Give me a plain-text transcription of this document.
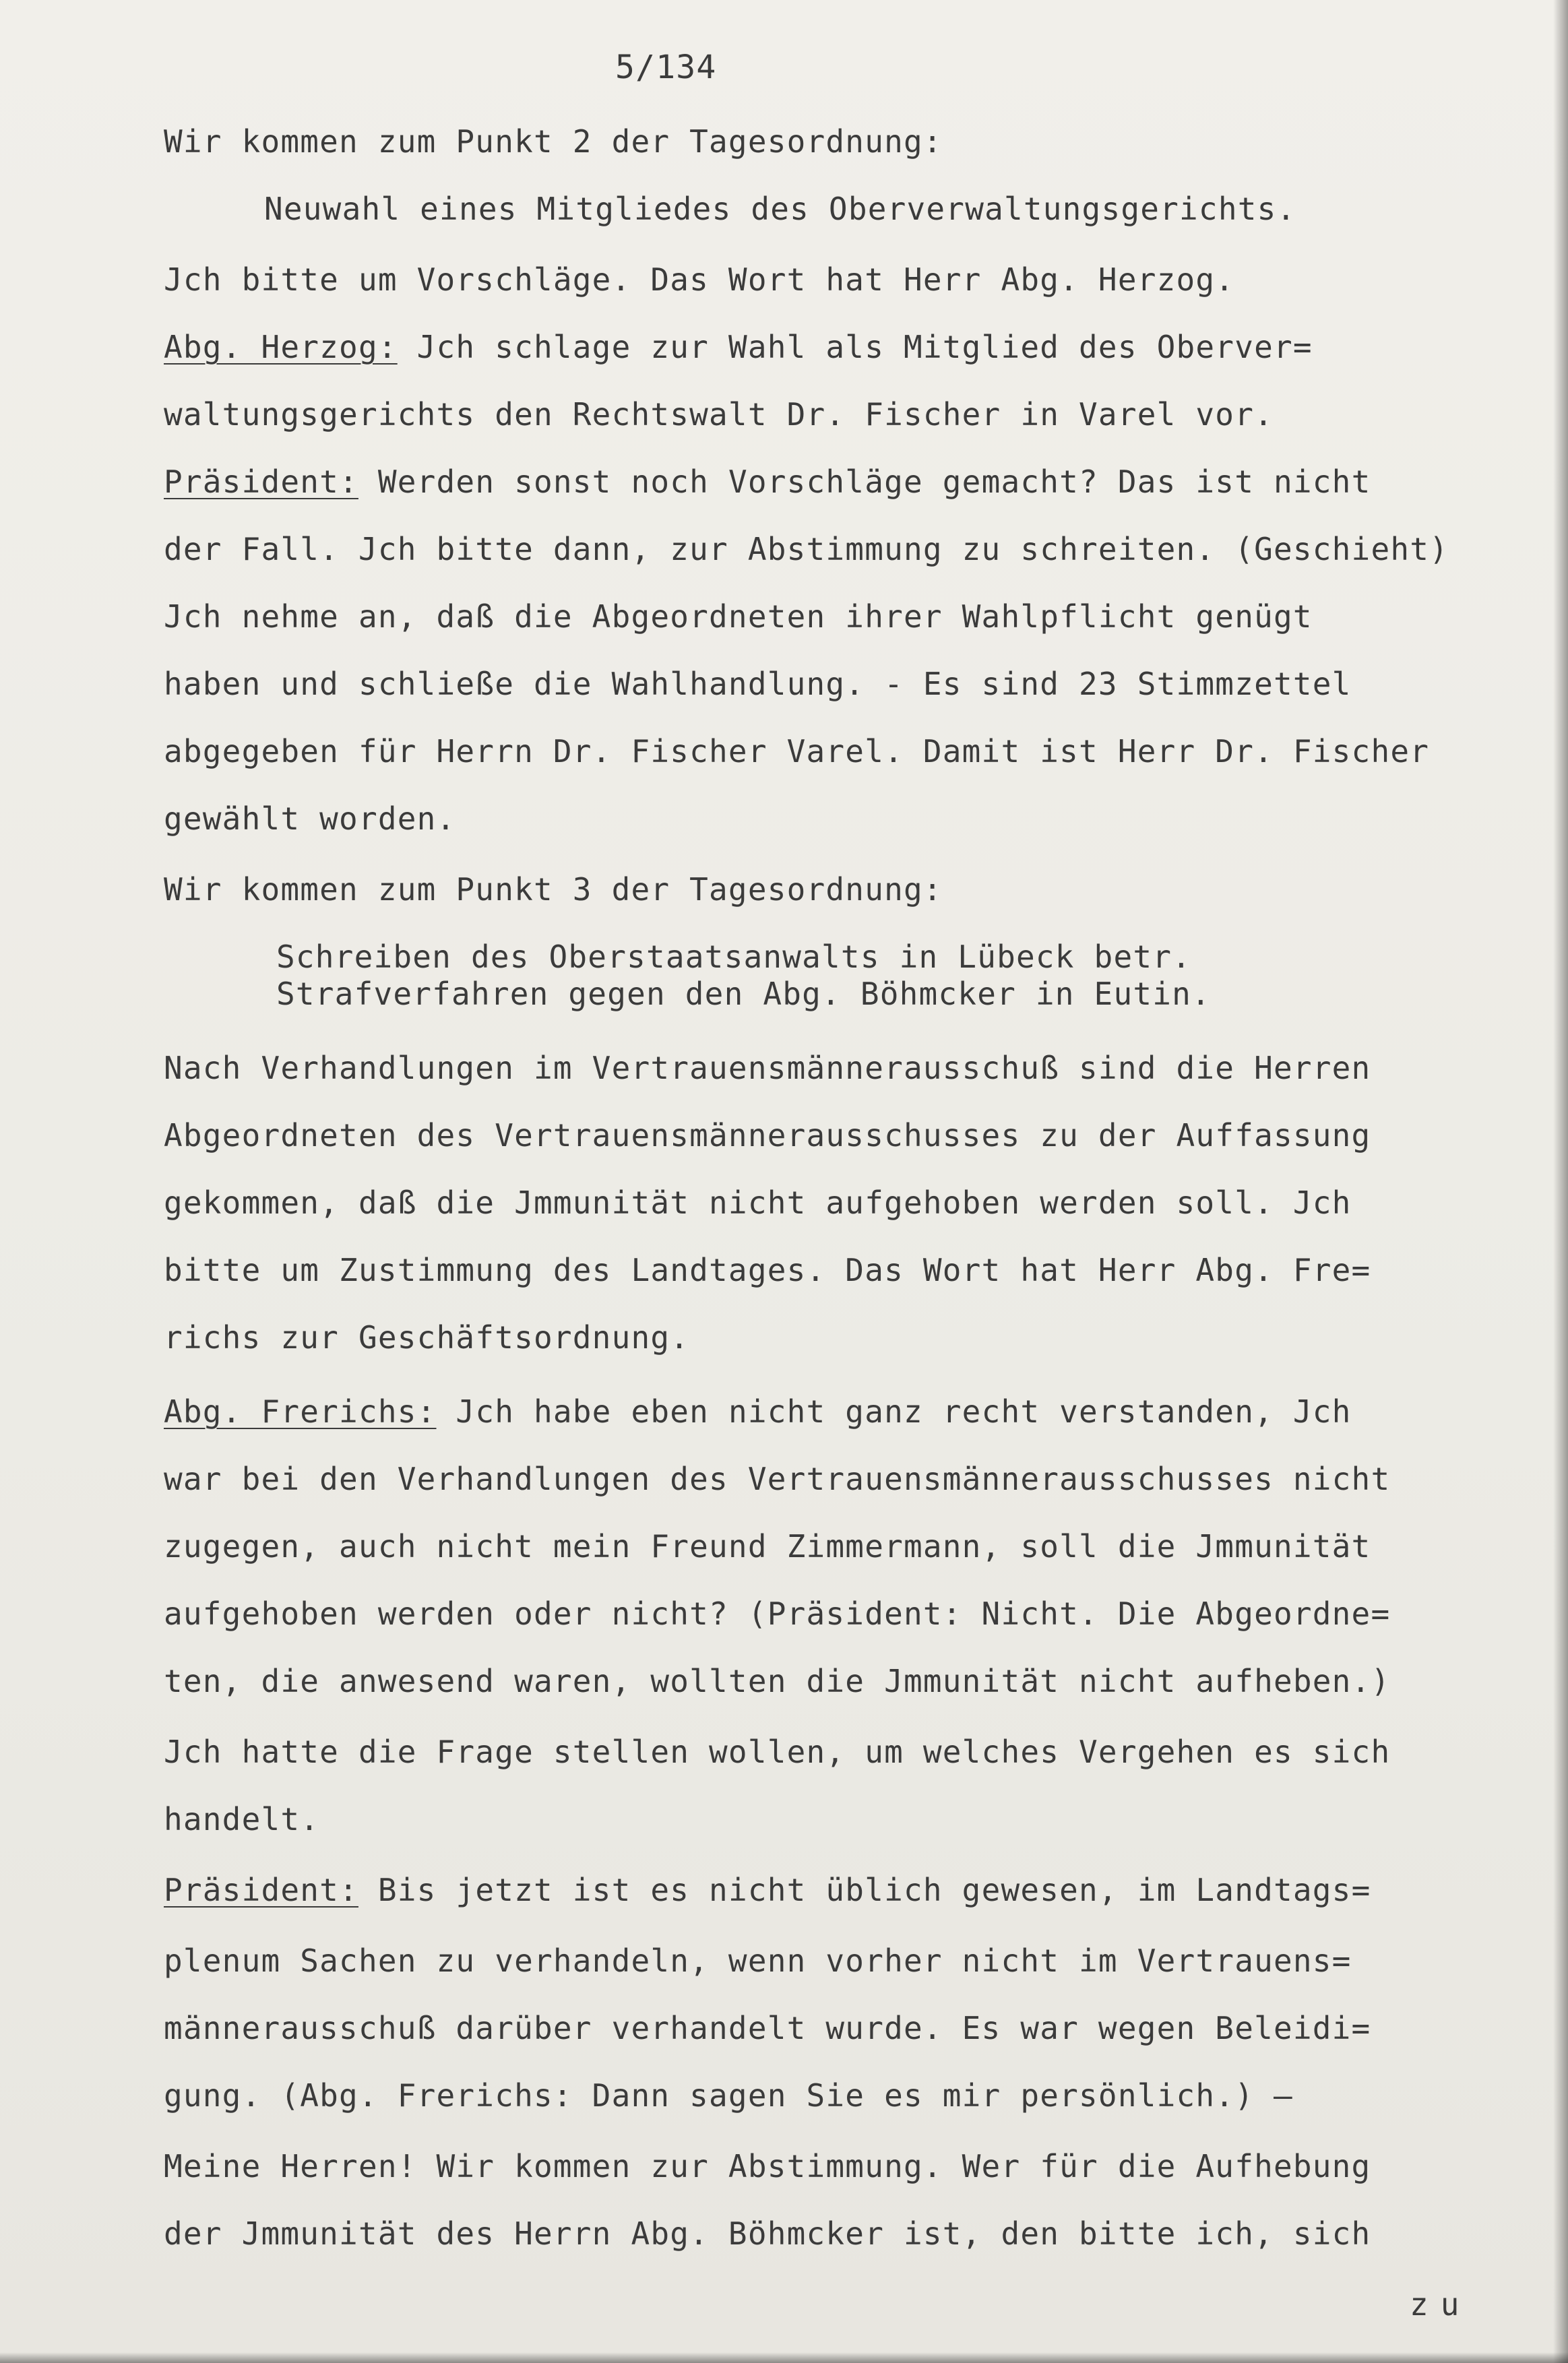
5/134
Wir kommen zum Punkt 2 der Tagesordnung:
Neuwahl eines Mitgliedes des Oberverwaltungsgerichts.
Jch bitte um Vorschläge. Das Wort hat Herr Abg. Herzog.
Abg. Herzog: Jch schlage zur Wahl als Mitglied des Oberver=
waltungsgerichts den Rechtswalt Dr. Fischer in Varel vor.
Präsident: Werden sonst noch Vorschläge gemacht? Das ist nicht
der Fall. Jch bitte dann, zur Abstimmung zu schreiten. (Geschieht)
Jch nehme an, daß die Abgeordneten ihrer Wahlpflicht genügt
haben und schließe die Wahlhandlung. - Es sind 23 Stimmzettel
abgegeben für Herrn Dr. Fischer Varel. Damit ist Herr Dr. Fischer
gewählt worden.
Wir kommen zum Punkt 3 der Tagesordnung:
Schreiben des Oberstaatsanwalts in Lübeck betr.
Strafverfahren gegen den Abg. Böhmcker in Eutin.
Nach Verhandlungen im Vertrauensmännerausschuß sind die Herren
Abgeordneten des Vertrauensmännerausschusses zu der Auffassung
gekommen, daß die Jmmunität nicht aufgehoben werden soll. Jch
bitte um Zustimmung des Landtages. Das Wort hat Herr Abg. Fre=
richs zur Geschäftsordnung.
Abg. Frerichs: Jch habe eben nicht ganz recht verstanden, Jch
war bei den Verhandlungen des Vertrauensmännerausschusses nicht
zugegen, auch nicht mein Freund Zimmermann, soll die Jmmunität
aufgehoben werden oder nicht? (Präsident: Nicht. Die Abgeordne=
ten, die anwesend waren, wollten die Jmmunität nicht aufheben.)
Jch hatte die Frage stellen wollen, um welches Vergehen es sich
handelt.
Präsident: Bis jetzt ist es nicht üblich gewesen, im Landtags=
plenum Sachen zu verhandeln, wenn vorher nicht im Vertrauens=
männerausschuß darüber verhandelt wurde. Es war wegen Beleidi=
gung. (Abg. Frerichs: Dann sagen Sie es mir persönlich.) —
Meine Herren! Wir kommen zur Abstimmung. Wer für die Aufhebung
der Jmmunität des Herrn Abg. Böhmcker ist, den bitte ich, sich
zu
